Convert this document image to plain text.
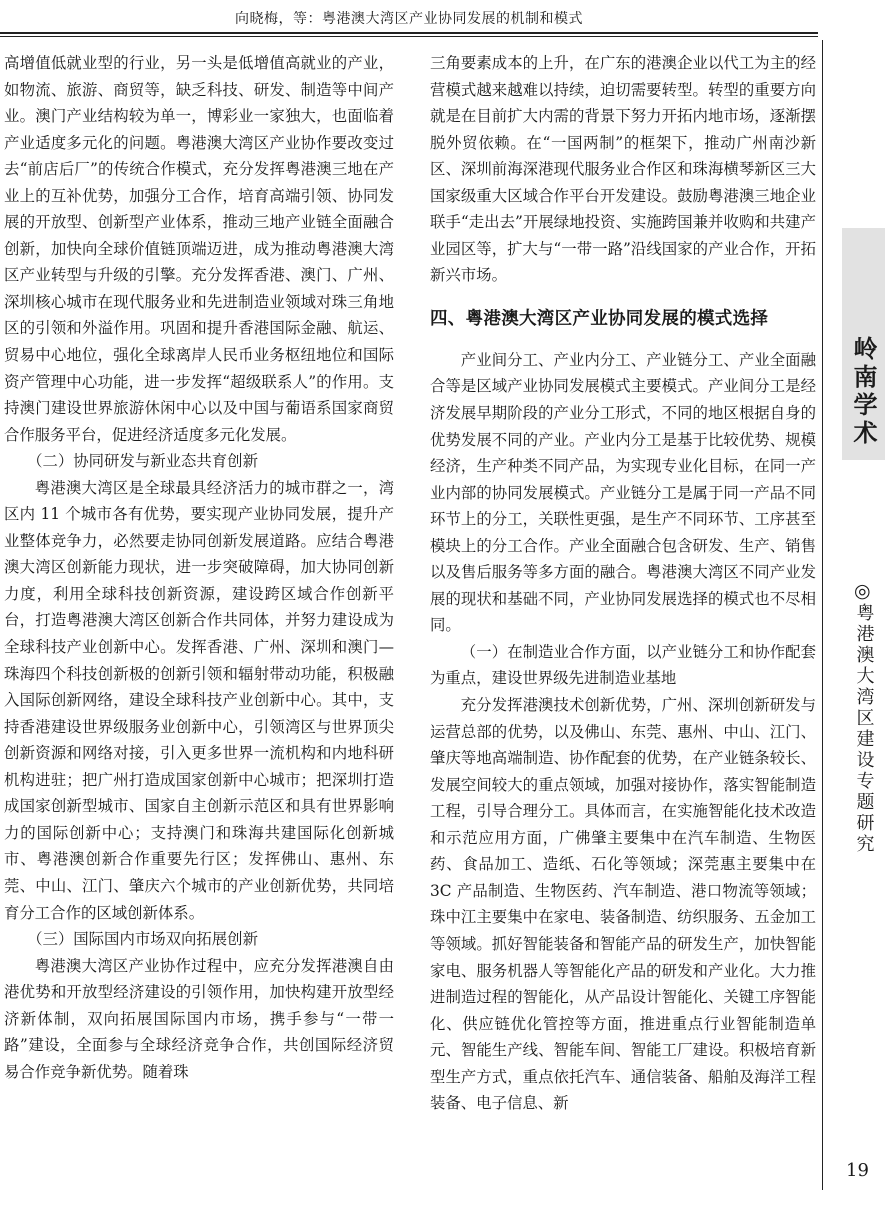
向晓梅，等：粤港澳大湾区产业协同发展的机制和模式

高增值低就业型的行业，另一头是低增值高就业的产业，如物流、旅游、商贸等，缺乏科技、研发、制造等中间产业。澳门产业结构较为单一，博彩业一家独大，也面临着产业适度多元化的问题。粤港澳大湾区产业协作要改变过去“前店后厂”的传统合作模式，充分发挥粤港澳三地在产业上的互补优势，加强分工合作，培育高端引领、协同发展的开放型、创新型产业体系，推动三地产业链全面融合创新，加快向全球价值链顶端迈进，成为推动粤港澳大湾区产业转型与升级的引擎。充分发挥香港、澳门、广州、深圳核心城市在现代服务业和先进制造业领域对珠三角地区的引领和外溢作用。巩固和提升香港国际金融、航运、贸易中心地位，强化全球离岸人民币业务枢纽地位和国际资产管理中心功能，进一步发挥“超级联系人”的作用。支持澳门建设世界旅游休闲中心以及中国与葡语系国家商贸合作服务平台，促进经济适度多元化发展。

（二）协同研发与新业态共育创新

粤港澳大湾区是全球最具经济活力的城市群之一，湾区内 11 个城市各有优势，要实现产业协同发展，提升产业整体竞争力，必然要走协同创新发展道路。应结合粤港澳大湾区创新能力现状，进一步突破障碍，加大协同创新力度，利用全球科技创新资源，建设跨区域合作创新平台，打造粤港澳大湾区创新合作共同体，并努力建设成为全球科技产业创新中心。发挥香港、广州、深圳和澳门—珠海四个科技创新极的创新引领和辐射带动功能，积极融入国际创新网络，建设全球科技产业创新中心。其中，支持香港建设世界级服务业创新中心，引领湾区与世界顶尖创新资源和网络对接，引入更多世界一流机构和内地科研机构进驻；把广州打造成国家创新中心城市；把深圳打造成国家创新型城市、国家自主创新示范区和具有世界影响力的国际创新中心；支持澳门和珠海共建国际化创新城市、粤港澳创新合作重要先行区；发挥佛山、惠州、东莞、中山、江门、肇庆六个城市的产业创新优势，共同培育分工合作的区域创新体系。

（三）国际国内市场双向拓展创新

粤港澳大湾区产业协作过程中，应充分发挥港澳自由港优势和开放型经济建设的引领作用，加快构建开放型经济新体制，双向拓展国际国内市场，携手参与“一带一路”建设，全面参与全球经济竞争合作，共创国际经济贸易合作竞争新优势。随着珠

三角要素成本的上升，在广东的港澳企业以代工为主的经营模式越来越难以持续，迫切需要转型。转型的重要方向就是在目前扩大内需的背景下努力开拓内地市场，逐渐摆脱外贸依赖。在“一国两制”的框架下，推动广州南沙新区、深圳前海深港现代服务业合作区和珠海横琴新区三大国家级重大区域合作平台开发建设。鼓励粤港澳三地企业联手“走出去”开展绿地投资、实施跨国兼并收购和共建产业园区等，扩大与“一带一路”沿线国家的产业合作，开拓新兴市场。

四、粤港澳大湾区产业协同发展的模式选择

产业间分工、产业内分工、产业链分工、产业全面融合等是区域产业协同发展模式主要模式。产业间分工是经济发展早期阶段的产业分工形式，不同的地区根据自身的优势发展不同的产业。产业内分工是基于比较优势、规模经济，生产种类不同产品，为实现专业化目标，在同一产业内部的协同发展模式。产业链分工是属于同一产品不同环节上的分工，关联性更强，是生产不同环节、工序甚至模块上的分工合作。产业全面融合包含研发、生产、销售以及售后服务等多方面的融合。粤港澳大湾区不同产业发展的现状和基础不同，产业协同发展选择的模式也不尽相同。

（一）在制造业合作方面，以产业链分工和协作配套为重点，建设世界级先进制造业基地

充分发挥港澳技术创新优势，广州、深圳创新研发与运营总部的优势，以及佛山、东莞、惠州、中山、江门、肇庆等地高端制造、协作配套的优势，在产业链条较长、发展空间较大的重点领域，加强对接协作，落实智能制造工程，引导合理分工。具体而言，在实施智能化技术改造和示范应用方面，广佛肇主要集中在汽车制造、生物医药、食品加工、造纸、石化等领域；深莞惠主要集中在 3C 产品制造、生物医药、汽车制造、港口物流等领域；珠中江主要集中在家电、装备制造、纺织服务、五金加工等领域。抓好智能装备和智能产品的研发生产，加快智能家电、服务机器人等智能化产品的研发和产业化。大力推进制造过程的智能化，从产品设计智能化、关键工序智能化、供应链优化管控等方面，推进重点行业智能制造单元、智能生产线、智能车间、智能工厂建设。积极培育新型生产方式，重点依托汽车、通信装备、船舶及海洋工程装备、电子信息、新

岭南学术
◎
粤港澳大湾区建设专题研究
19
